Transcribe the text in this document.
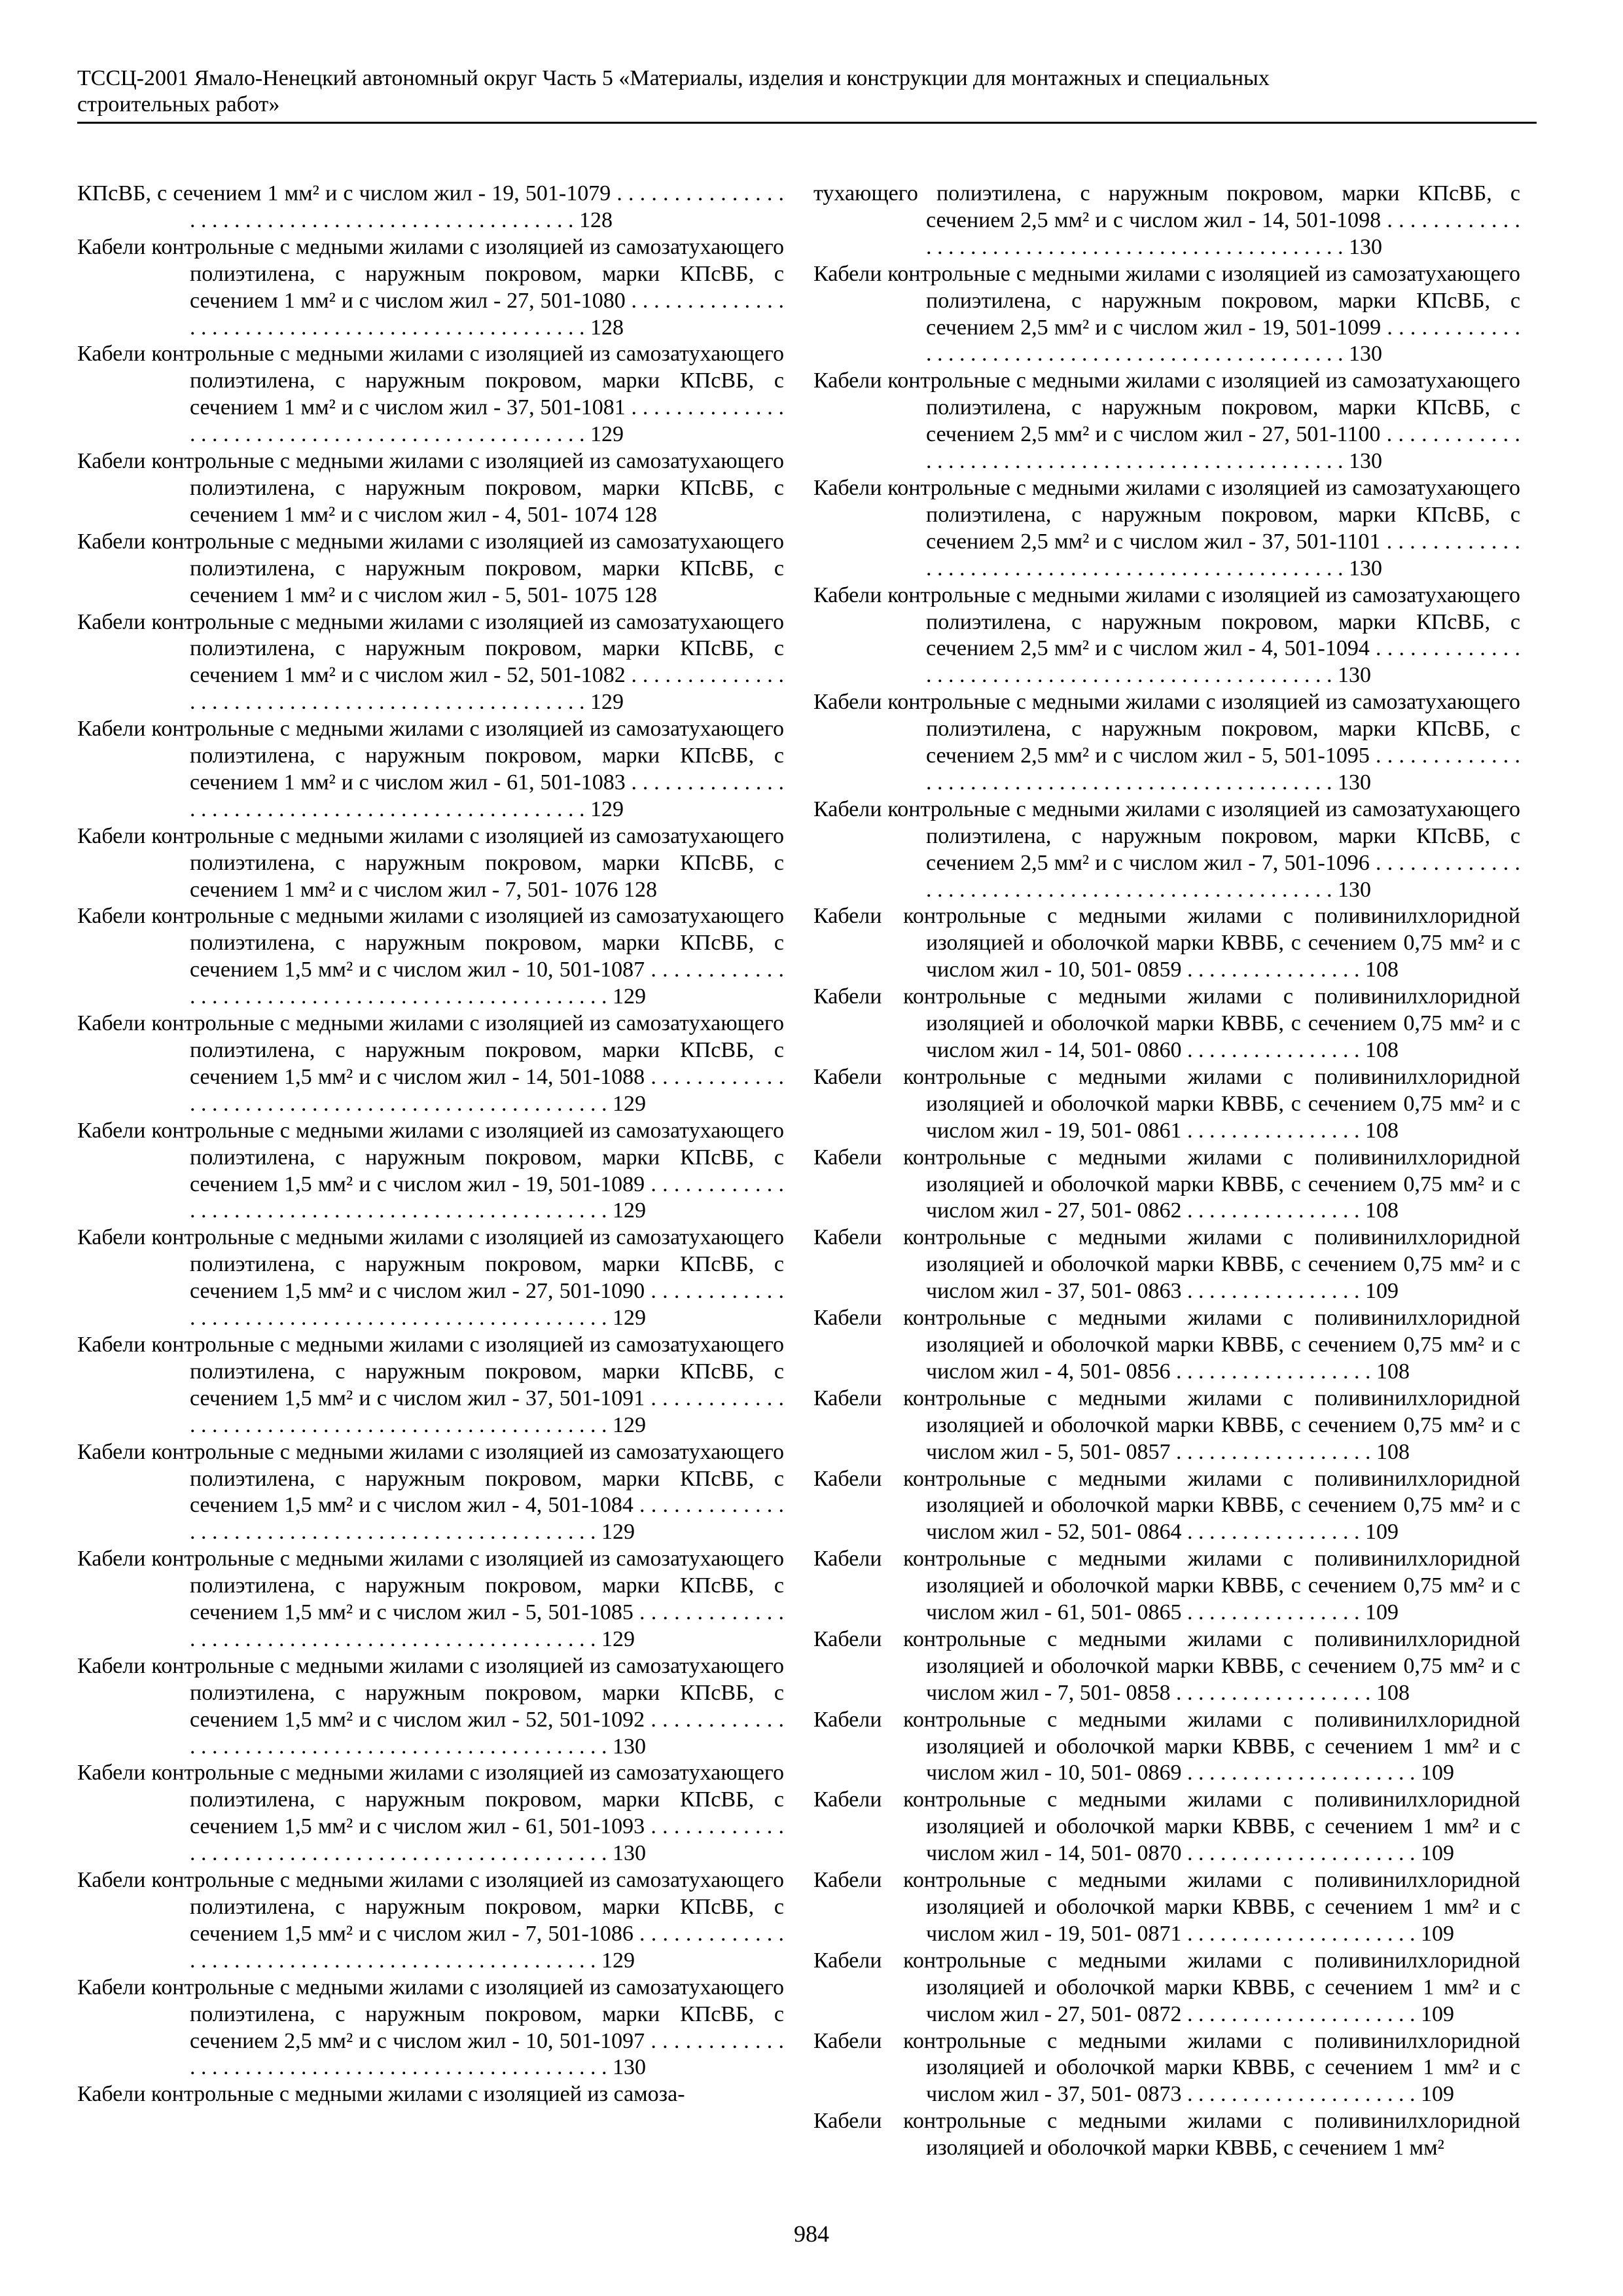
ТССЦ-2001 Ямало-Ненецкий автономный округ Часть 5 «Материалы, изделия и конструкции для монтажных и специальных
строительных работ»
КПсВБ, с сечением 1 мм² и с числом жил - 19, 501-1079 . . . . . . . . . . . . . . . . . . . . . . . . . . . . . . . . . . . . . . . . . . . . . . . . . . 128
Кабели контрольные с медными жилами с изоляцией из самозатухающего полиэтилена, с наружным покровом, марки КПсВБ, с сечением 1 мм² и с числом жил - 27, 501-1080 . . . . . . . . . . . . . . . . . . . . . . . . . . . . . . . . . . . . . . . . . . . . . . . . . . 128
Кабели контрольные с медными жилами с изоляцией из самозатухающего полиэтилена, с наружным покровом, марки КПсВБ, с сечением 1 мм² и с числом жил - 37, 501-1081 . . . . . . . . . . . . . . . . . . . . . . . . . . . . . . . . . . . . . . . . . . . . . . . . . . 129
Кабели контрольные с медными жилами с изоляцией из самозатухающего полиэтилена, с наружным покровом, марки КПсВБ, с сечением 1 мм² и с числом жил - 4, 501- 1074 128
Кабели контрольные с медными жилами с изоляцией из самозатухающего полиэтилена, с наружным покровом, марки КПсВБ, с сечением 1 мм² и с числом жил - 5, 501- 1075 128
Кабели контрольные с медными жилами с изоляцией из самозатухающего полиэтилена, с наружным покровом, марки КПсВБ, с сечением 1 мм² и с числом жил - 52, 501-1082 . . . . . . . . . . . . . . . . . . . . . . . . . . . . . . . . . . . . . . . . . . . . . . . . . . 129
Кабели контрольные с медными жилами с изоляцией из самозатухающего полиэтилена, с наружным покровом, марки КПсВБ, с сечением 1 мм² и с числом жил - 61, 501-1083 . . . . . . . . . . . . . . . . . . . . . . . . . . . . . . . . . . . . . . . . . . . . . . . . . . 129
Кабели контрольные с медными жилами с изоляцией из самозатухающего полиэтилена, с наружным покровом, марки КПсВБ, с сечением 1 мм² и с числом жил - 7, 501- 1076 128
Кабели контрольные с медными жилами с изоляцией из самозатухающего полиэтилена, с наружным покровом, марки КПсВБ, с сечением 1,5 мм² и с числом жил - 10, 501-1087 . . . . . . . . . . . . . . . . . . . . . . . . . . . . . . . . . . . . . . . . . . . . . . . . . . 129
Кабели контрольные с медными жилами с изоляцией из самозатухающего полиэтилена, с наружным покровом, марки КПсВБ, с сечением 1,5 мм² и с числом жил - 14, 501-1088 . . . . . . . . . . . . . . . . . . . . . . . . . . . . . . . . . . . . . . . . . . . . . . . . . . 129
Кабели контрольные с медными жилами с изоляцией из самозатухающего полиэтилена, с наружным покровом, марки КПсВБ, с сечением 1,5 мм² и с числом жил - 19, 501-1089 . . . . . . . . . . . . . . . . . . . . . . . . . . . . . . . . . . . . . . . . . . . . . . . . . . 129
Кабели контрольные с медными жилами с изоляцией из самозатухающего полиэтилена, с наружным покровом, марки КПсВБ, с сечением 1,5 мм² и с числом жил - 27, 501-1090 . . . . . . . . . . . . . . . . . . . . . . . . . . . . . . . . . . . . . . . . . . . . . . . . . . 129
Кабели контрольные с медными жилами с изоляцией из самозатухающего полиэтилена, с наружным покровом, марки КПсВБ, с сечением 1,5 мм² и с числом жил - 37, 501-1091 . . . . . . . . . . . . . . . . . . . . . . . . . . . . . . . . . . . . . . . . . . . . . . . . . . 129
Кабели контрольные с медными жилами с изоляцией из самозатухающего полиэтилена, с наружным покровом, марки КПсВБ, с сечением 1,5 мм² и с числом жил - 4, 501-1084 . . . . . . . . . . . . . . . . . . . . . . . . . . . . . . . . . . . . . . . . . . . . . . . . . . 129
Кабели контрольные с медными жилами с изоляцией из самозатухающего полиэтилена, с наружным покровом, марки КПсВБ, с сечением 1,5 мм² и с числом жил - 5, 501-1085 . . . . . . . . . . . . . . . . . . . . . . . . . . . . . . . . . . . . . . . . . . . . . . . . . . 129
Кабели контрольные с медными жилами с изоляцией из самозатухающего полиэтилена, с наружным покровом, марки КПсВБ, с сечением 1,5 мм² и с числом жил - 52, 501-1092 . . . . . . . . . . . . . . . . . . . . . . . . . . . . . . . . . . . . . . . . . . . . . . . . . . 130
Кабели контрольные с медными жилами с изоляцией из самозатухающего полиэтилена, с наружным покровом, марки КПсВБ, с сечением 1,5 мм² и с числом жил - 61, 501-1093 . . . . . . . . . . . . . . . . . . . . . . . . . . . . . . . . . . . . . . . . . . . . . . . . . . 130
Кабели контрольные с медными жилами с изоляцией из самозатухающего полиэтилена, с наружным покровом, марки КПсВБ, с сечением 1,5 мм² и с числом жил - 7, 501-1086 . . . . . . . . . . . . . . . . . . . . . . . . . . . . . . . . . . . . . . . . . . . . . . . . . . 129
Кабели контрольные с медными жилами с изоляцией из самозатухающего полиэтилена, с наружным покровом, марки КПсВБ, с сечением 2,5 мм² и с числом жил - 10, 501-1097 . . . . . . . . . . . . . . . . . . . . . . . . . . . . . . . . . . . . . . . . . . . . . . . . . . 130
Кабели контрольные с медными жилами с изоляцией из самоза-
тухающего полиэтилена, с наружным покровом, марки КПсВБ, с сечением 2,5 мм² и с числом жил - 14, 501-1098 . . . . . . . . . . . . . . . . . . . . . . . . . . . . . . . . . . . . . . . . . . . . . . . . . . 130
Кабели контрольные с медными жилами с изоляцией из самозатухающего полиэтилена, с наружным покровом, марки КПсВБ, с сечением 2,5 мм² и с числом жил - 19, 501-1099 . . . . . . . . . . . . . . . . . . . . . . . . . . . . . . . . . . . . . . . . . . . . . . . . . . 130
Кабели контрольные с медными жилами с изоляцией из самозатухающего полиэтилена, с наружным покровом, марки КПсВБ, с сечением 2,5 мм² и с числом жил - 27, 501-1100 . . . . . . . . . . . . . . . . . . . . . . . . . . . . . . . . . . . . . . . . . . . . . . . . . . 130
Кабели контрольные с медными жилами с изоляцией из самозатухающего полиэтилена, с наружным покровом, марки КПсВБ, с сечением 2,5 мм² и с числом жил - 37, 501-1101 . . . . . . . . . . . . . . . . . . . . . . . . . . . . . . . . . . . . . . . . . . . . . . . . . . 130
Кабели контрольные с медными жилами с изоляцией из самозатухающего полиэтилена, с наружным покровом, марки КПсВБ, с сечением 2,5 мм² и с числом жил - 4, 501-1094 . . . . . . . . . . . . . . . . . . . . . . . . . . . . . . . . . . . . . . . . . . . . . . . . . . 130
Кабели контрольные с медными жилами с изоляцией из самозатухающего полиэтилена, с наружным покровом, марки КПсВБ, с сечением 2,5 мм² и с числом жил - 5, 501-1095 . . . . . . . . . . . . . . . . . . . . . . . . . . . . . . . . . . . . . . . . . . . . . . . . . . 130
Кабели контрольные с медными жилами с изоляцией из самозатухающего полиэтилена, с наружным покровом, марки КПсВБ, с сечением 2,5 мм² и с числом жил - 7, 501-1096 . . . . . . . . . . . . . . . . . . . . . . . . . . . . . . . . . . . . . . . . . . . . . . . . . . 130
Кабели контрольные с медными жилами с поливинилхлоридной изоляцией и оболочкой марки КВВБ, с сечением 0,75 мм² и с числом жил - 10, 501- 0859 . . . . . . . . . . . . . . . . 108
Кабели контрольные с медными жилами с поливинилхлоридной изоляцией и оболочкой марки КВВБ, с сечением 0,75 мм² и с числом жил - 14, 501- 0860 . . . . . . . . . . . . . . . . 108
Кабели контрольные с медными жилами с поливинилхлоридной изоляцией и оболочкой марки КВВБ, с сечением 0,75 мм² и с числом жил - 19, 501- 0861 . . . . . . . . . . . . . . . . 108
Кабели контрольные с медными жилами с поливинилхлоридной изоляцией и оболочкой марки КВВБ, с сечением 0,75 мм² и с числом жил - 27, 501- 0862 . . . . . . . . . . . . . . . . 108
Кабели контрольные с медными жилами с поливинилхлоридной изоляцией и оболочкой марки КВВБ, с сечением 0,75 мм² и с числом жил - 37, 501- 0863 . . . . . . . . . . . . . . . . 109
Кабели контрольные с медными жилами с поливинилхлоридной изоляцией и оболочкой марки КВВБ, с сечением 0,75 мм² и с числом жил - 4, 501- 0856 . . . . . . . . . . . . . . . . . . 108
Кабели контрольные с медными жилами с поливинилхлоридной изоляцией и оболочкой марки КВВБ, с сечением 0,75 мм² и с числом жил - 5, 501- 0857 . . . . . . . . . . . . . . . . . . 108
Кабели контрольные с медными жилами с поливинилхлоридной изоляцией и оболочкой марки КВВБ, с сечением 0,75 мм² и с числом жил - 52, 501- 0864 . . . . . . . . . . . . . . . . 109
Кабели контрольные с медными жилами с поливинилхлоридной изоляцией и оболочкой марки КВВБ, с сечением 0,75 мм² и с числом жил - 61, 501- 0865 . . . . . . . . . . . . . . . . 109
Кабели контрольные с медными жилами с поливинилхлоридной изоляцией и оболочкой марки КВВБ, с сечением 0,75 мм² и с числом жил - 7, 501- 0858 . . . . . . . . . . . . . . . . . . 108
Кабели контрольные с медными жилами с поливинилхлоридной изоляцией и оболочкой марки КВВБ, с сечением 1 мм² и с числом жил - 10, 501- 0869 . . . . . . . . . . . . . . . . . . . . . 109
Кабели контрольные с медными жилами с поливинилхлоридной изоляцией и оболочкой марки КВВБ, с сечением 1 мм² и с числом жил - 14, 501- 0870 . . . . . . . . . . . . . . . . . . . . . 109
Кабели контрольные с медными жилами с поливинилхлоридной изоляцией и оболочкой марки КВВБ, с сечением 1 мм² и с числом жил - 19, 501- 0871 . . . . . . . . . . . . . . . . . . . . . 109
Кабели контрольные с медными жилами с поливинилхлоридной изоляцией и оболочкой марки КВВБ, с сечением 1 мм² и с числом жил - 27, 501- 0872 . . . . . . . . . . . . . . . . . . . . . 109
Кабели контрольные с медными жилами с поливинилхлоридной изоляцией и оболочкой марки КВВБ, с сечением 1 мм² и с числом жил - 37, 501- 0873 . . . . . . . . . . . . . . . . . . . . . 109
Кабели контрольные с медными жилами с поливинилхлоридной изоляцией и оболочкой марки КВВБ, с сечением 1 мм²
984
